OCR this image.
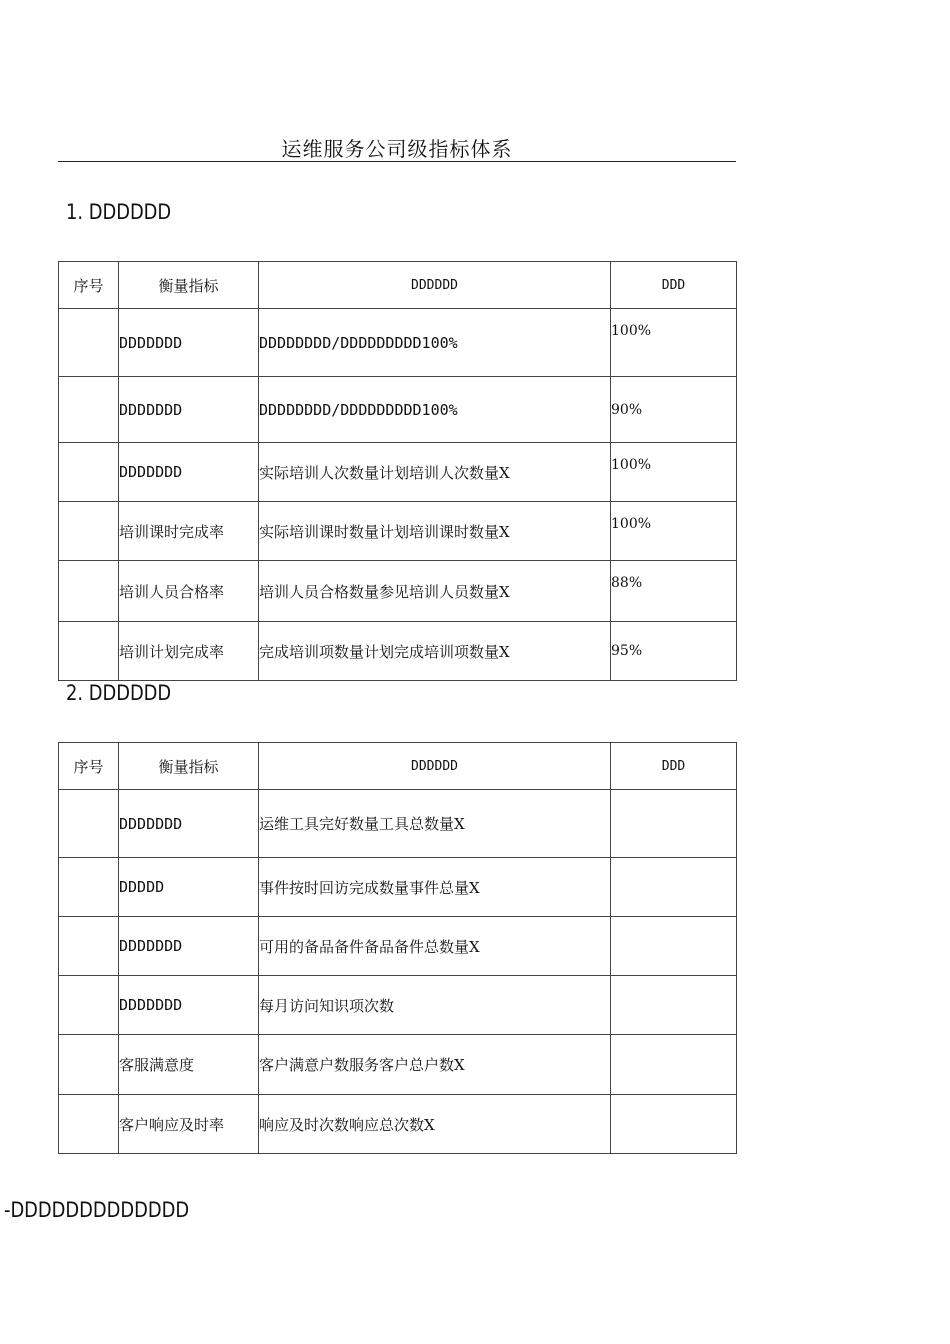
运维服务公司级指标体系
1. DDDDDD
序号	衡量指标	DDDDDD	DDD
	DDDDDDD	DDDDDDDD/DDDDDDDDD100%	100%
	DDDDDDD	DDDDDDDD/DDDDDDDDD100%	90%
	DDDDDDD	实际培训人次数量计划培训人次数量X	100%
	培训课时完成率	实际培训课时数量计划培训课时数量X	100%
	培训人员合格率	培训人员合格数量参见培训人员数量X	88%
	培训计划完成率	完成培训项数量计划完成培训项数量X	95%
2. DDDDDD
序号	衡量指标	DDDDDD	DDD
	DDDDDDD	运维工具完好数量工具总数量X	
	DDDDD	事件按时回访完成数量事件总量X	
	DDDDDDD	可用的备品备件备品备件总数量X	
	DDDDDDD	每月访问知识项次数	
	客服满意度	客户满意户数服务客户总户数X	
	客户响应及时率	响应及时次数响应总次数X	
-DDDDDDDDDDDDD
